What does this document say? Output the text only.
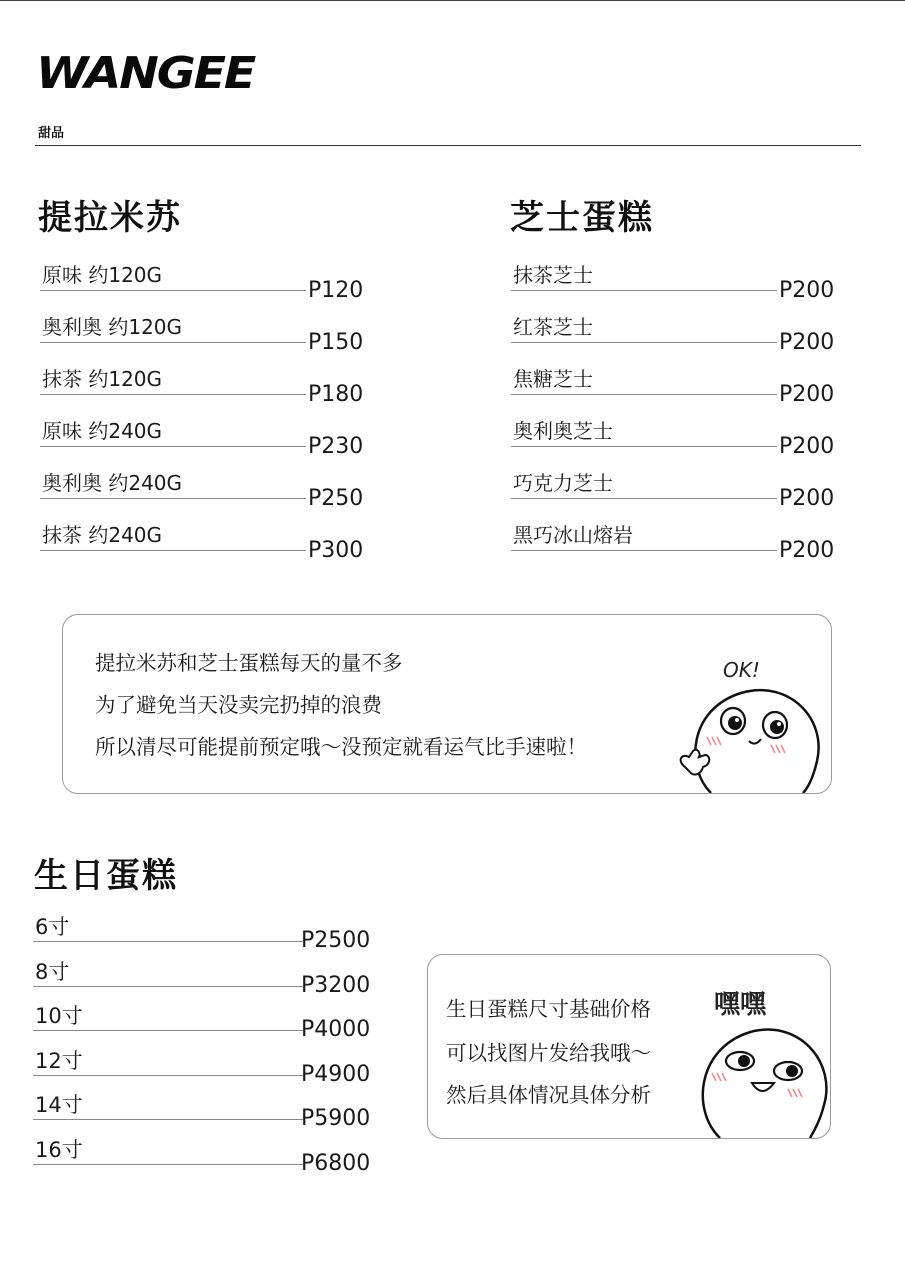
WANGEE
甜品
提拉米苏
原味 约120G
P120
奥利奥 约120G
P150
抹茶 约120G
P180
原味 约240G
P230
奥利奥 约240G
P250
抹茶 约240G
P300
芝士蛋糕
抹茶芝士
P200
红茶芝士
P200
焦糖芝士
P200
奥利奥芝士
P200
巧克力芝士
P200
黑巧冰山熔岩
P200
提拉米苏和芝士蛋糕每天的量不多
为了避免当天没卖完扔掉的浪费
所以清尽可能提前预定哦～没预定就看运气比手速啦！
OK!
生日蛋糕
6寸
P2500
8寸
P3200
10寸
P4000
12寸
P4900
14寸
P5900
16寸
P6800
生日蛋糕尺寸基础价格
可以找图片发给我哦～
然后具体情况具体分析
嘿嘿
